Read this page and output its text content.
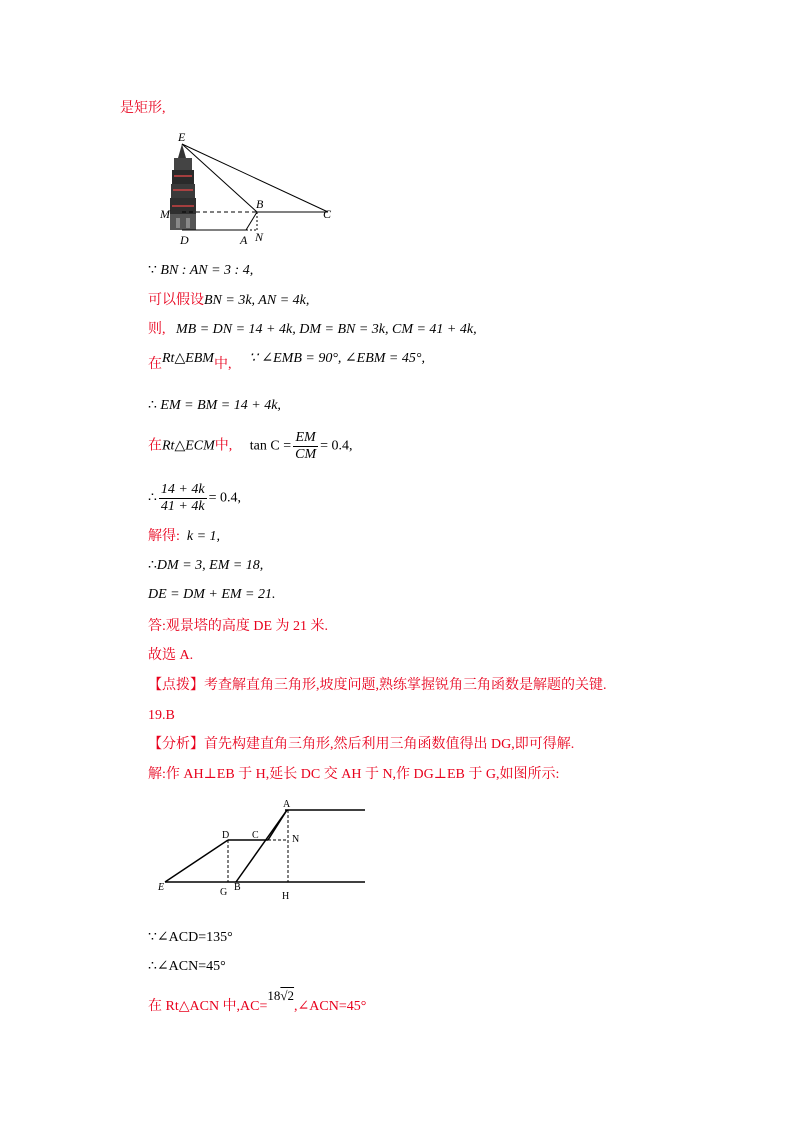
是矩形,
E
M
B
C
D	A N
∵ BN : AN = 3 : 4,
可以假设BN = 3k, AN = 4k,
则, MB = DN = 14 + 4k, DM = BN = 3k, CM = 41 + 4k,
在Rt△EBM中, ∵ ∠EMB = 90°, ∠EBM = 45°,
∴ EM = BM = 14 + 4k,
在Rt△ECM中, $\tan C = \frac{EM}{CM} = 0.4$,
∴ $\frac{14 + 4k}{41 + 4k} = 0.4$,
解得: k = 1,
∴DM = 3, EM = 18,
DE = DM + EM = 21.
答:观景塔的高度 DE 为 21 米.
故选 A.
【点拨】考查解直角三角形,坡度问题,熟练掌握锐角三角函数是解题的关键.
19.B
【分析】首先构建直角三角形,然后利用三角函数值得出 DG,即可得解.
解:作 AH⊥EB 于 H,延长 DC 交 AH 于 N,作 DG⊥EB 于 G,如图所示:
A
D C	N
E	G B
H
∵∠ACD=135°
∴∠ACN=45°
在 Rt△ACN 中,AC=18√2,∠ACN=45°
